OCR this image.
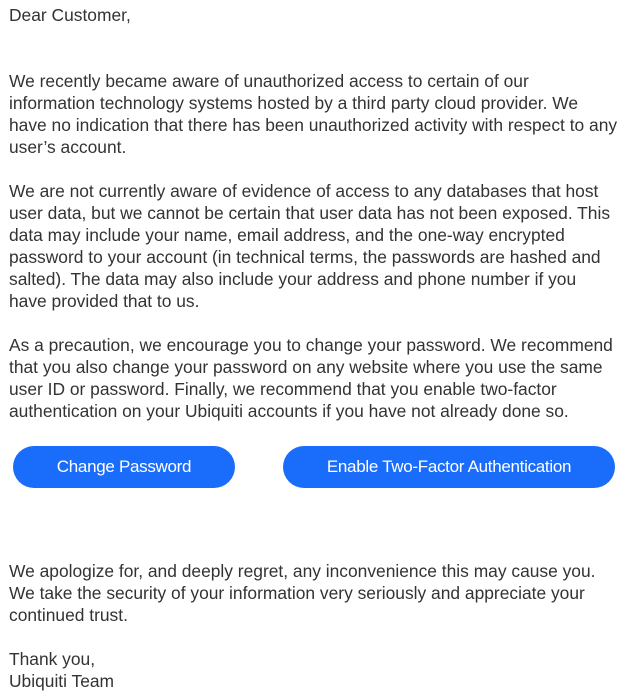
Dear Customer,

We recently became aware of unauthorized access to certain of our

information technology systems hosted by a third party cloud provider. We

have no indication that there has been unauthorized activity with respect to any

user’s account.

We are not currently aware of evidence of access to any databases that host

user data, but we cannot be certain that user data has not been exposed. This

data may include your name, email address, and the one-way encrypted

password to your account (in technical terms, the passwords are hashed and

salted). The data may also include your address and phone number if you

have provided that to us.

As a precaution, we encourage you to change your password. We recommend

that you also change your password on any website where you use the same

user ID or password. Finally, we recommend that you enable two-factor

authentication on your Ubiquiti accounts if you have not already done so.

Change Password	Enable Two-Factor Authentication

We apologize for, and deeply regret, any inconvenience this may cause you.

We take the security of your information very seriously and appreciate your

continued trust.

Thank you,

Ubiquiti Team
